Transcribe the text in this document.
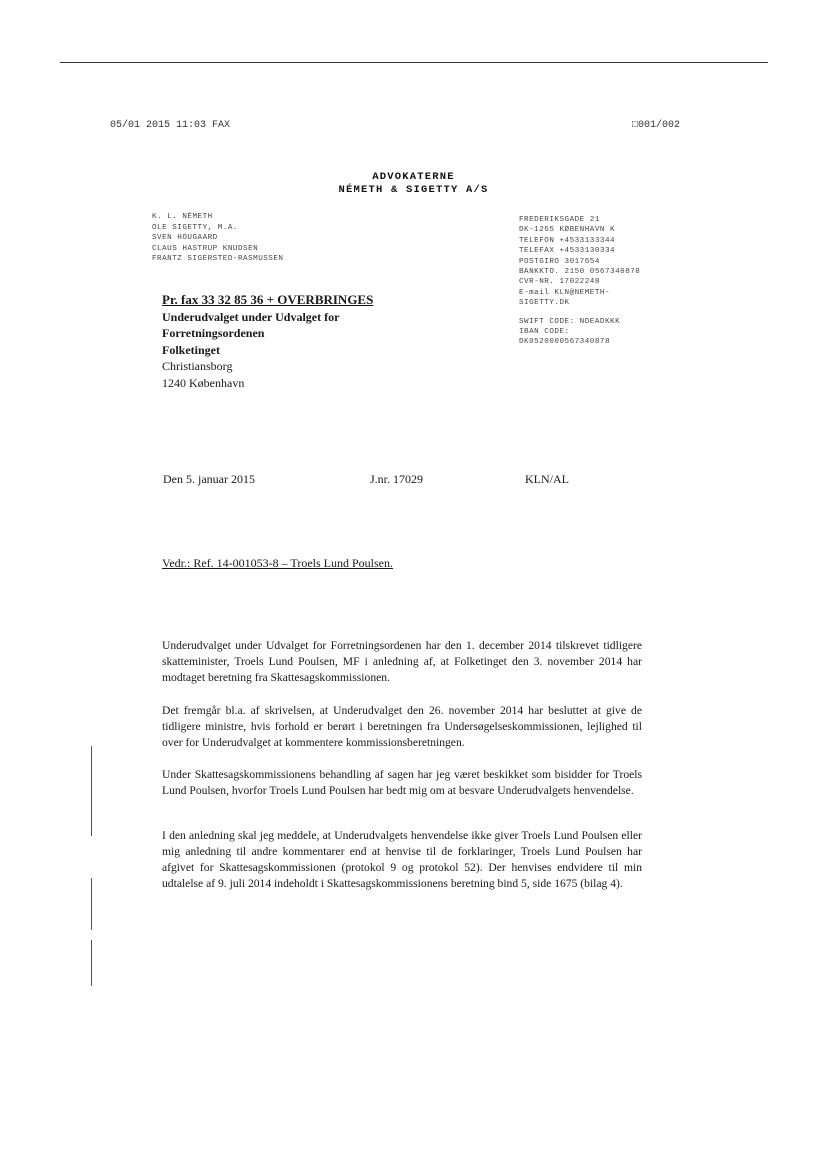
05/01 2015 11:03 FAX	□001/002
ADVOKATERNE
NÉMETH & SIGETTY A/S
K. L. NÉMETH
OLE SIGETTY, M.A.
SVEN HOUGAARD
CLAUS HASTRUP KNUDSEN
FRANTZ SIGERSTED-RASMUSSEN
FREDERIKSGADE 21
DK-1265 KØBENHAVN K
TELEFON +4533133344
TELEFAX +4533130334
POSTGIRO 3017654
BANKKTO. 2150 0567340878
CVR-NR. 17022248
E-mail KLN@NEMETH-
SIGETTY.DK
SWIFT CODE: NDEADKKK
IBAN CODE:
DK0520000567340878
Pr. fax 33 32 85 36 + OVERBRINGES
Underudvalget under Udvalget for
Forretningsordenen
Folketinget
Christiansborg
1240 København
Den 5. januar 2015	J.nr. 17029	KLN/AL
Vedr.: Ref. 14-001053-8 – Troels Lund Poulsen.

Underudvalget under Udvalget for Forretningsordenen har den 1. december 2014 tilskrevet tidligere skatteminister, Troels Lund Poulsen, MF i anledning af, at Folketinget den 3. november 2014 har modtaget beretning fra Skattesagskommissionen.

Det fremgår bl.a. af skrivelsen, at Underudvalget den 26. november 2014 har besluttet at give de tidligere ministre, hvis forhold er berørt i beretningen fra Undersøgelseskommissionen, lejlighed til over for Underudvalget at kommentere kommissionsberetningen.

Under Skattesagskommissionens behandling af sagen har jeg været beskikket som bisidder for Troels Lund Poulsen, hvorfor Troels Lund Poulsen har bedt mig om at besvare Underudvalgets henvendelse.

I den anledning skal jeg meddele, at Underudvalgets henvendelse ikke giver Troels Lund Poulsen eller mig anledning til andre kommentarer end at henvise til de forklaringer, Troels Lund Poulsen har afgivet for Skattesagskommissionen (protokol 9 og protokol 52). Der henvises endvidere til min udtalelse af 9. juli 2014 indeholdt i Skattesagskommissionens beretning bind 5, side 1675 (bilag 4).
